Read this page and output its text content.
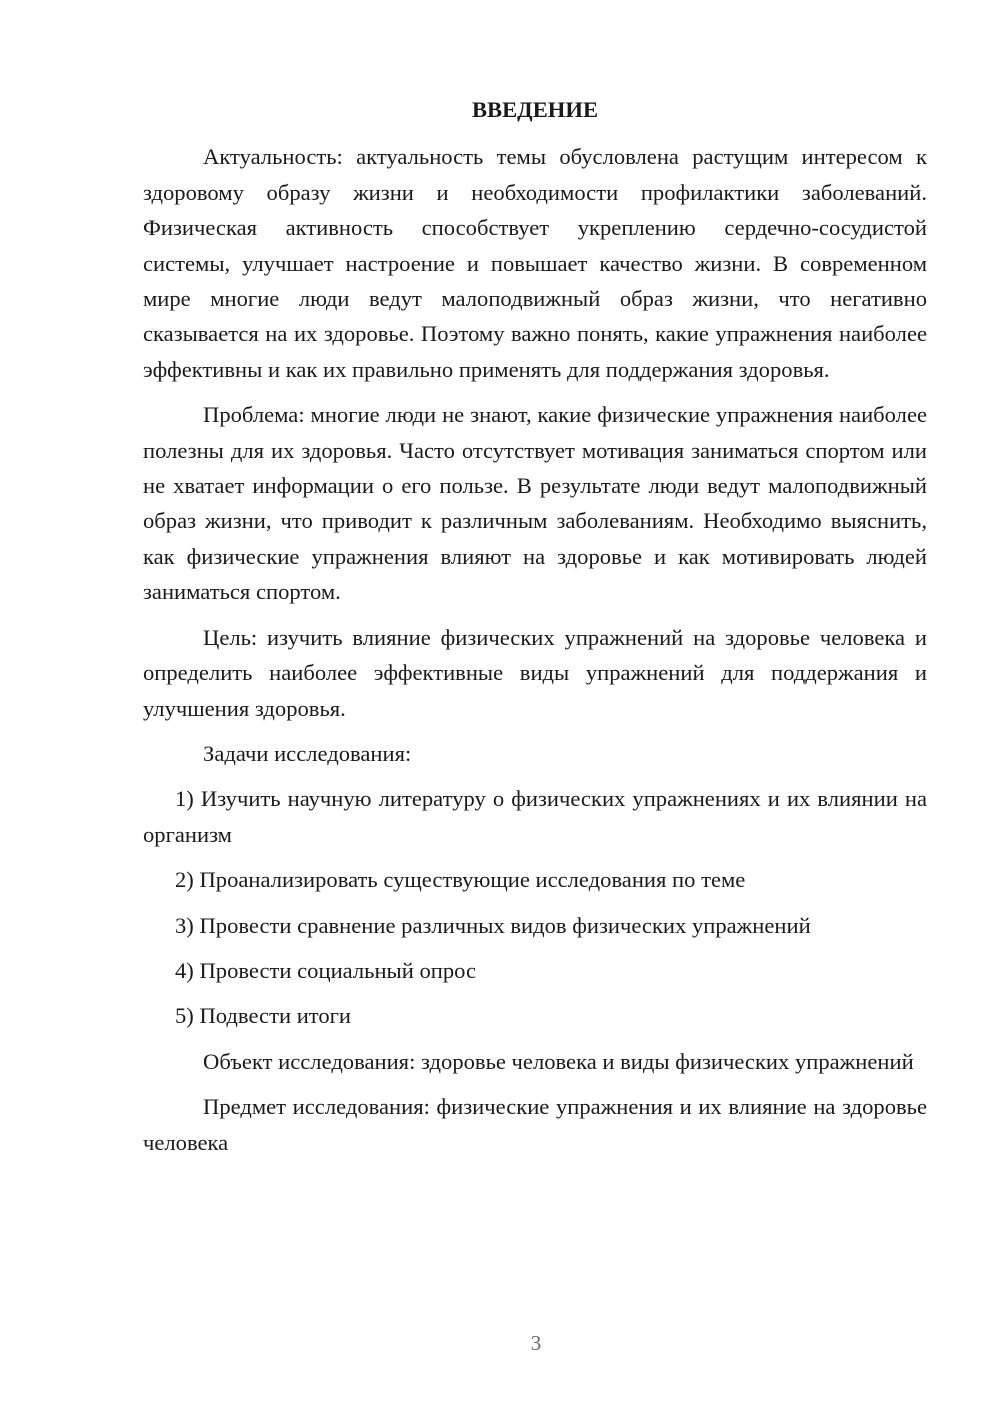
ВВЕДЕНИЕ

Актуальность: актуальность темы обусловлена растущим интересом к здоровому образу жизни и необходимости профилактики заболеваний. Физическая активность способствует укреплению сердечно-сосудистой системы, улучшает настроение и повышает качество жизни. В современном мире многие люди ведут малоподвижный образ жизни, что негативно сказывается на их здоровье. Поэтому важно понять, какие упражнения наиболее эффективны и как их правильно применять для поддержания здоровья.

Проблема: многие люди не знают, какие физические упражнения наиболее полезны для их здоровья. Часто отсутствует мотивация заниматься спортом или не хватает информации о его пользе. В результате люди ведут малоподвижный образ жизни, что приводит к различным заболеваниям. Необходимо выяснить, как физические упражнения влияют на здоровье и как мотивировать людей заниматься спортом.

Цель: изучить влияние физических упражнений на здоровье человека и определить наиболее эффективные виды упражнений для поддержания и улучшения здоровья.

Задачи исследования:

1) Изучить научную литературу о физических упражнениях и их влиянии на организм

2) Проанализировать существующие исследования по теме

3) Провести сравнение различных видов физических упражнений

4) Провести социальный опрос

5) Подвести итоги

Объект исследования: здоровье человека и виды физических упражнений

Предмет исследования: физические упражнения и их влияние на здоровье человека

3
